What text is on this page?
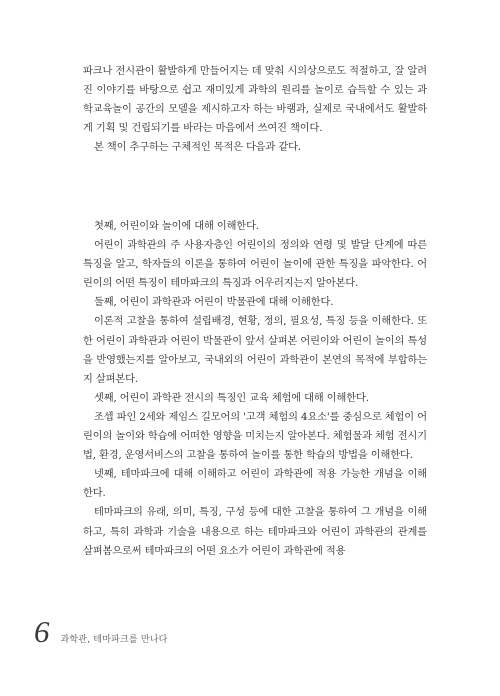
파크나 전시관이 활발하게 만들어지는 데 맞춰 시의상으로도 적절하고, 잘 알려진 이야기를 바탕으로 쉽고 재미있게 과학의 원리를 놀이로 습득할 수 있는 과학교육놀이 공간의 모델을 제시하고자 하는 바램과, 실제로 국내에서도 활발하게 기획 및 건립되기를 바라는 마음에서 쓰여진 책이다.

본 책이 추구하는 구체적인 목적은 다음과 같다.

첫째, 어린이와 놀이에 대해 이해한다.

어린이 과학관의 주 사용자층인 어린이의 정의와 연령 및 발달 단계에 따른 특징을 알고, 학자들의 이론을 통하여 어린이 놀이에 관한 특징을 파악한다. 어린이의 어떤 특징이 테마파크의 특징과 어우러지는지 알아본다.

둘째, 어린이 과학관과 어린이 박물관에 대해 이해한다.

이론적 고찰을 통하여 설립배경, 현황, 정의, 필요성, 특징 등을 이해한다. 또한 어린이 과학관과 어린이 박물관이 앞서 살펴본 어린이와 어린이 놀이의 특성을 반영했는지를 알아보고, 국내외의 어린이 과학관이 본연의 목적에 부합하는지 살펴본다.

셋째, 어린이 과학관 전시의 특징인 교육 체험에 대해 이해한다.

조셉 파인 2세와 제임스 길모어의 '고객 체험의 4요소'를 중심으로 체험이 어린이의 놀이와 학습에 어떠한 영향을 미치는지 알아본다. 체험물과 체험 전시기법, 환경, 운영서비스의 고찰을 통하여 놀이를 통한 학습의 방법을 이해한다.

넷째, 테마파크에 대해 이해하고 어린이 과학관에 적용 가능한 개념을 이해한다.

테마파크의 유래, 의미, 특징, 구성 등에 대한 고찰을 통하여 그 개념을 이해하고, 특히 과학과 기술을 내용으로 하는 테마파크와 어린이 과학관의 관계를 살펴봄으로써 테마파크의 어떤 요소가 어린이 과학관에 적용

6 과학관, 테마파크를 만나다
